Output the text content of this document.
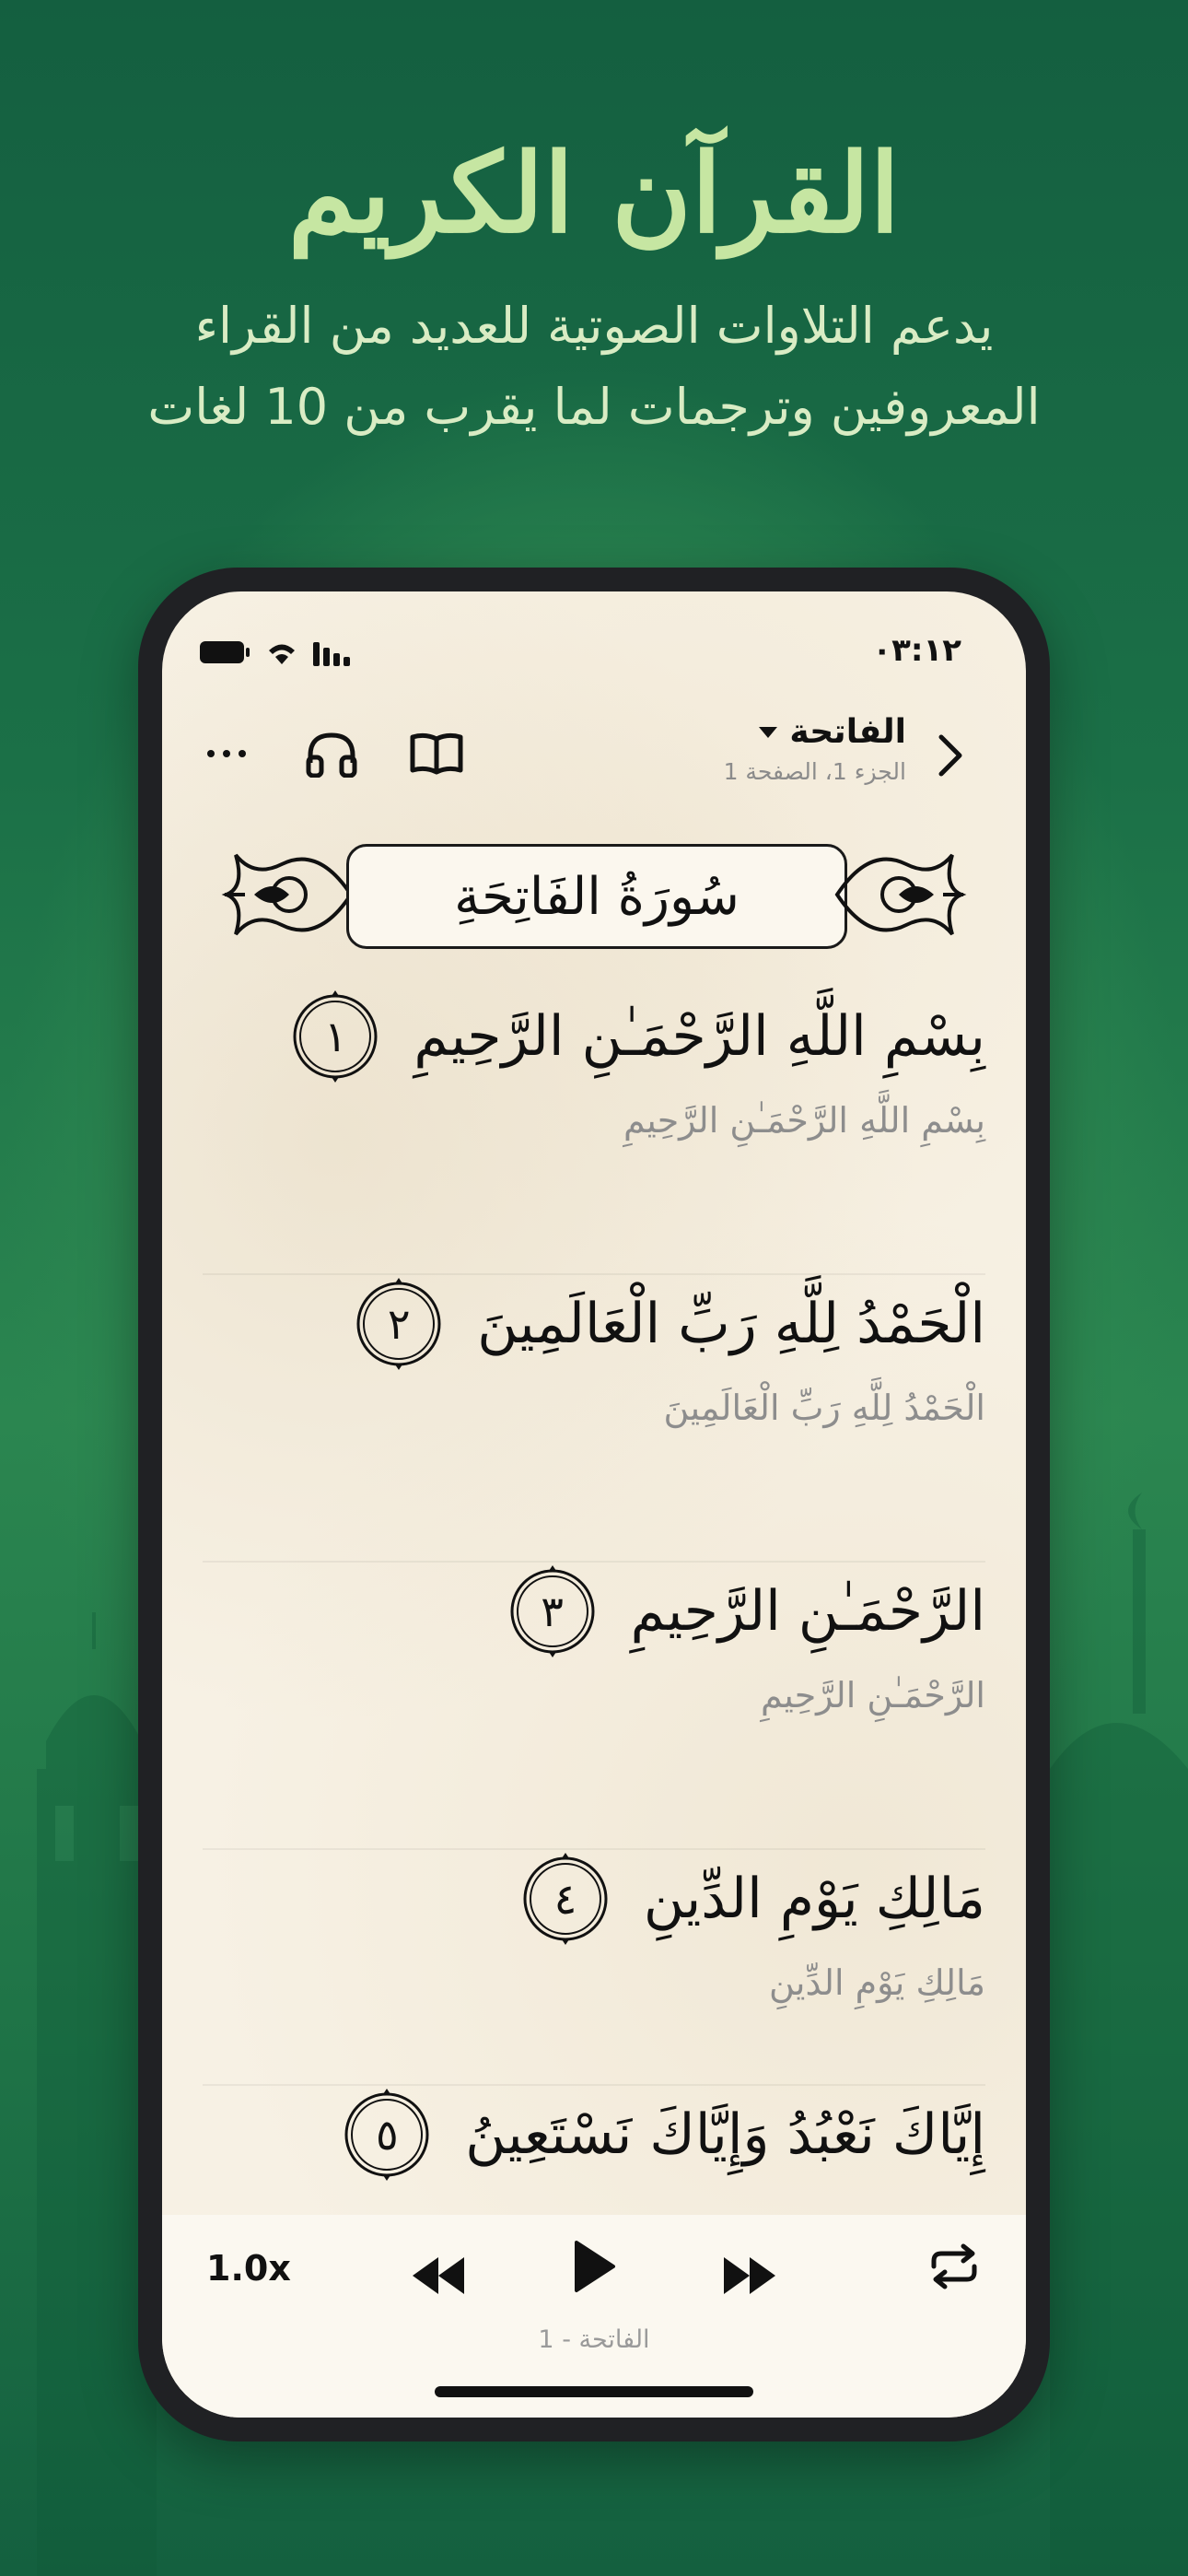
القرآن الكريم
يدعم التلاوات الصوتية للعديد من القراء المعروفين وترجمات لما يقرب من 10 لغات
٠٣:١٢
الفاتحة
الجزء 1، الصفحة 1
سُورَةُ الفَاتِحَةِ
بِسْمِ اللَّهِ الرَّحْمَـٰنِ الرَّحِيمِ
١
بِسْمِ اللَّهِ الرَّحْمَـٰنِ الرَّحِيمِ
الْحَمْدُ لِلَّهِ رَبِّ الْعَالَمِينَ
٢
الْحَمْدُ لِلَّهِ رَبِّ الْعَالَمِينَ
الرَّحْمَـٰنِ الرَّحِيمِ
٣
الرَّحْمَـٰنِ الرَّحِيمِ
مَالِكِ يَوْمِ الدِّينِ
٤
مَالِكِ يَوْمِ الدِّينِ
إِيَّاكَ نَعْبُدُ وَإِيَّاكَ نَسْتَعِينُ
٥
1.0x
الفاتحة - 1
